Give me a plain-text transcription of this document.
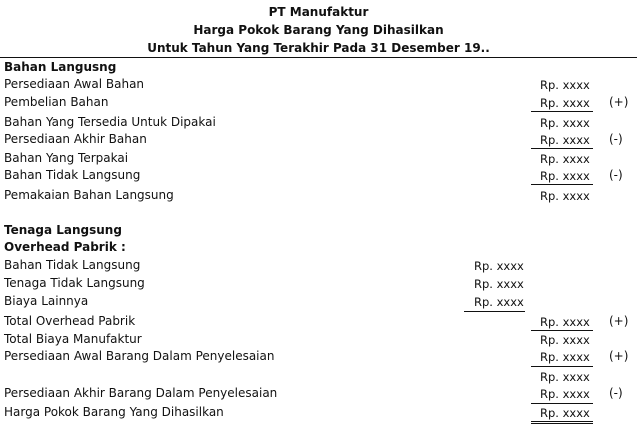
PT Manufaktur
Harga Pokok Barang Yang Dihasilkan
Untuk Tahun Yang Terakhir Pada 31 Desember 19..
Bahan Langusng
Persediaan Awal Bahan	Rp. xxxx
Pembelian Bahan	Rp. xxxx (+)
Bahan Yang Tersedia Untuk Dipakai	Rp. xxxx
Persediaan Akhir Bahan	Rp. xxxx (-)
Bahan Yang Terpakai	Rp. xxxx
Bahan Tidak Langsung	Rp. xxxx (-)
Pemakaian Bahan Langsung	Rp. xxxx
Tenaga Langsung
Overhead Pabrik :
Bahan Tidak Langsung	Rp. xxxx
Tenaga Tidak Langsung	Rp. xxxx
Biaya Lainnya	Rp. xxxx
Total Overhead Pabrik	Rp. xxxx (+)
Total Biaya Manufaktur	Rp. xxxx
Persediaan Awal Barang Dalam Penyelesaian	Rp. xxxx (+)
Rp. xxxx
Persediaan Akhir Barang Dalam Penyelesaian	Rp. xxxx (-)
Harga Pokok Barang Yang Dihasilkan	Rp. xxxx
